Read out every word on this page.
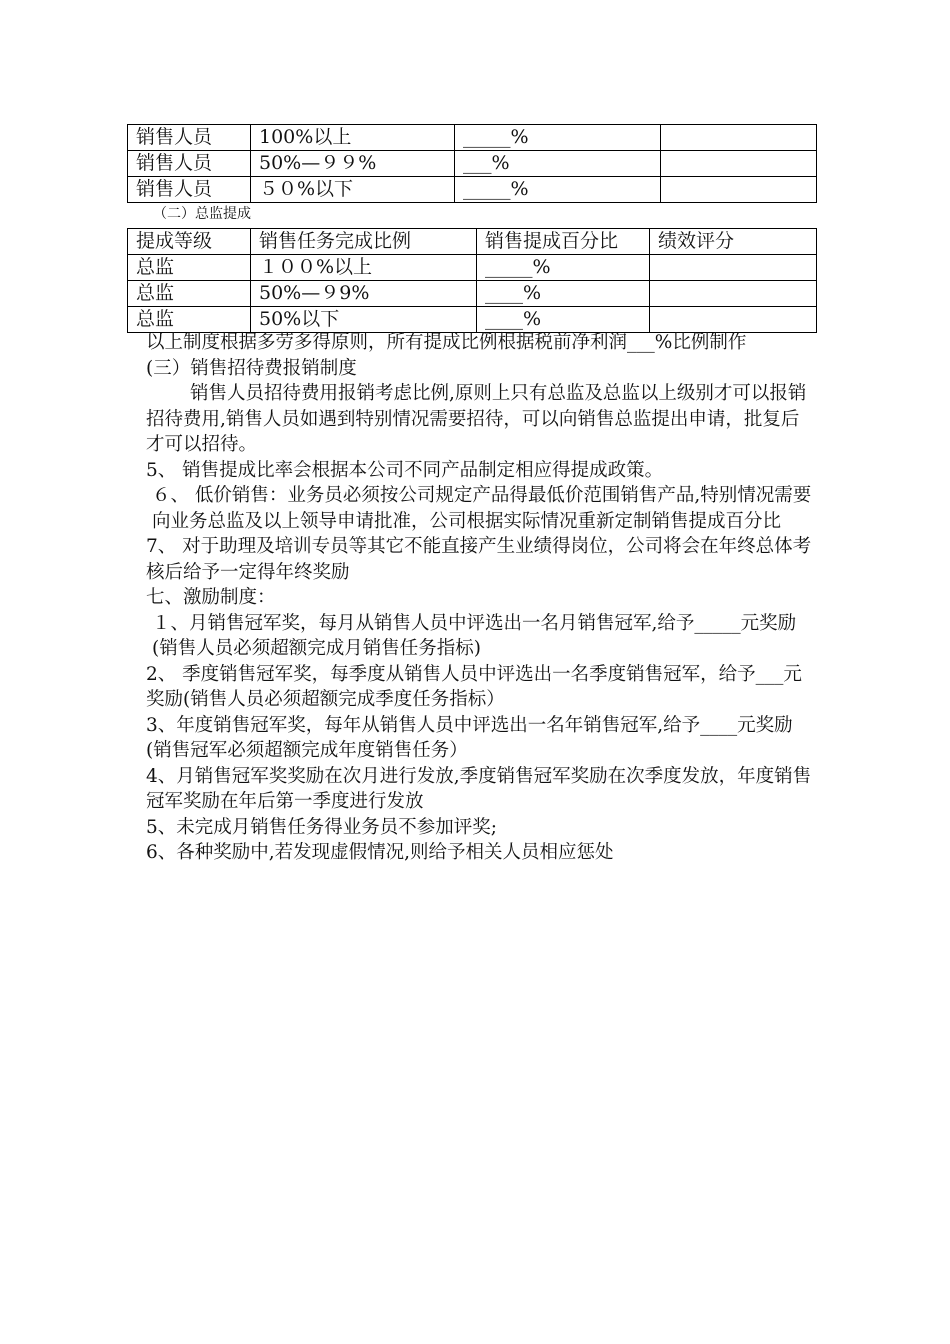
销售人员	100%以上	_____%	
销售人员	50%—９９%	___%	
销售人员	５０%以下	_____%	
（二）总监提成
提成等级	销售任务完成比例	销售提成百分比	绩效评分
总监	１００%以上	_____%	
总监	50%—９9%	____%	
总监	50%以下	____%	

以上制度根据多劳多得原则，所有提成比例根据税前净利润___%比例制作

(三）销售招待费报销制度

销售人员招待费用报销考虑比例,原则上只有总监及总监以上级别才可以报销招待费用,销售人员如遇到特别情况需要招待，可以向销售总监提出申请，批复后才可以招待。

5、 销售提成比率会根据本公司不同产品制定相应得提成政策。

６、 低价销售：业务员必须按公司规定产品得最低价范围销售产品,特别情况需要向业务总监及以上领导申请批准，公司根据实际情况重新定制销售提成百分比

7、 对于助理及培训专员等其它不能直接产生业绩得岗位，公司将会在年终总体考核后给予一定得年终奖励

七、激励制度：

１、月销售冠军奖，每月从销售人员中评选出一名月销售冠军,给予_____元奖励(销售人员必须超额完成月销售任务指标)

2、 季度销售冠军奖，每季度从销售人员中评选出一名季度销售冠军，给予___元奖励(销售人员必须超额完成季度任务指标）

3、年度销售冠军奖，每年从销售人员中评选出一名年销售冠军,给予____元奖励 (销售冠军必须超额完成年度销售任务）

4、月销售冠军奖奖励在次月进行发放,季度销售冠军奖励在次季度发放，年度销售冠军奖励在年后第一季度进行发放

5、未完成月销售任务得业务员不参加评奖;

6、各种奖励中,若发现虚假情况,则给予相关人员相应惩处
